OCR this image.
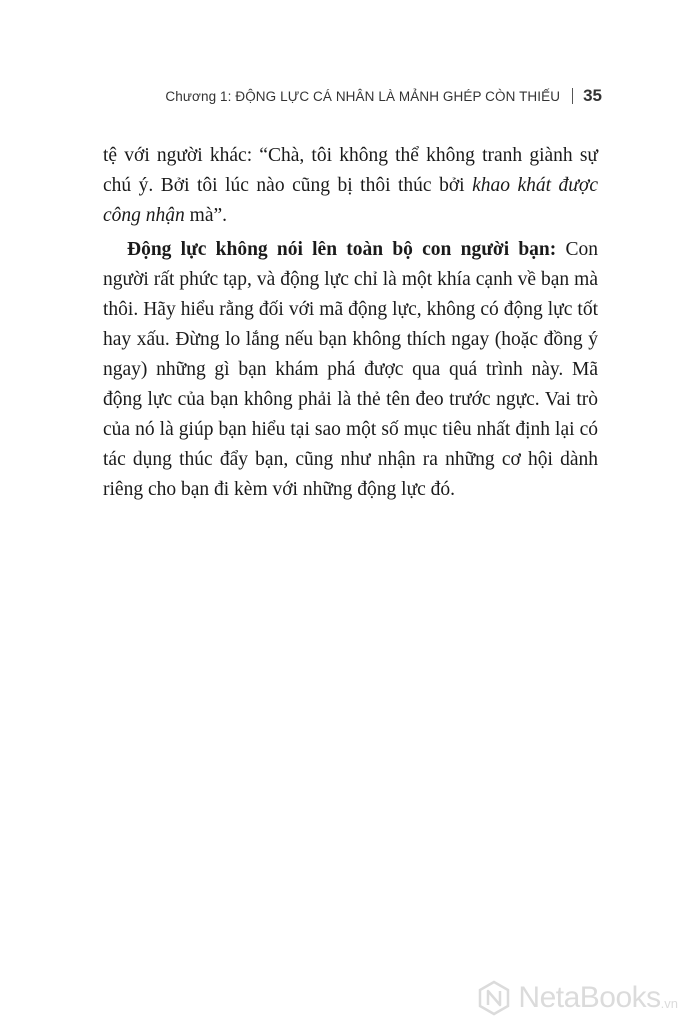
Chương 1: ĐỘNG LỰC CÁ NHÂN LÀ MẢNH GHÉP CÒN THIẾU 35

tệ với người khác: “Chà, tôi không thể không tranh giành sự chú ý. Bởi tôi lúc nào cũng bị thôi thúc bởi khao khát được công nhận mà”.

Động lực không nói lên toàn bộ con người bạn: Con người rất phức tạp, và động lực chỉ là một khía cạnh về bạn mà thôi. Hãy hiểu rằng đối với mã động lực, không có động lực tốt hay xấu. Đừng lo lắng nếu bạn không thích ngay (hoặc đồng ý ngay) những gì bạn khám phá được qua quá trình này. Mã động lực của bạn không phải là thẻ tên đeo trước ngực. Vai trò của nó là giúp bạn hiểu tại sao một số mục tiêu nhất định lại có tác dụng thúc đẩy bạn, cũng như nhận ra những cơ hội dành riêng cho bạn đi kèm với những động lực đó.

NetaBooks .vn
